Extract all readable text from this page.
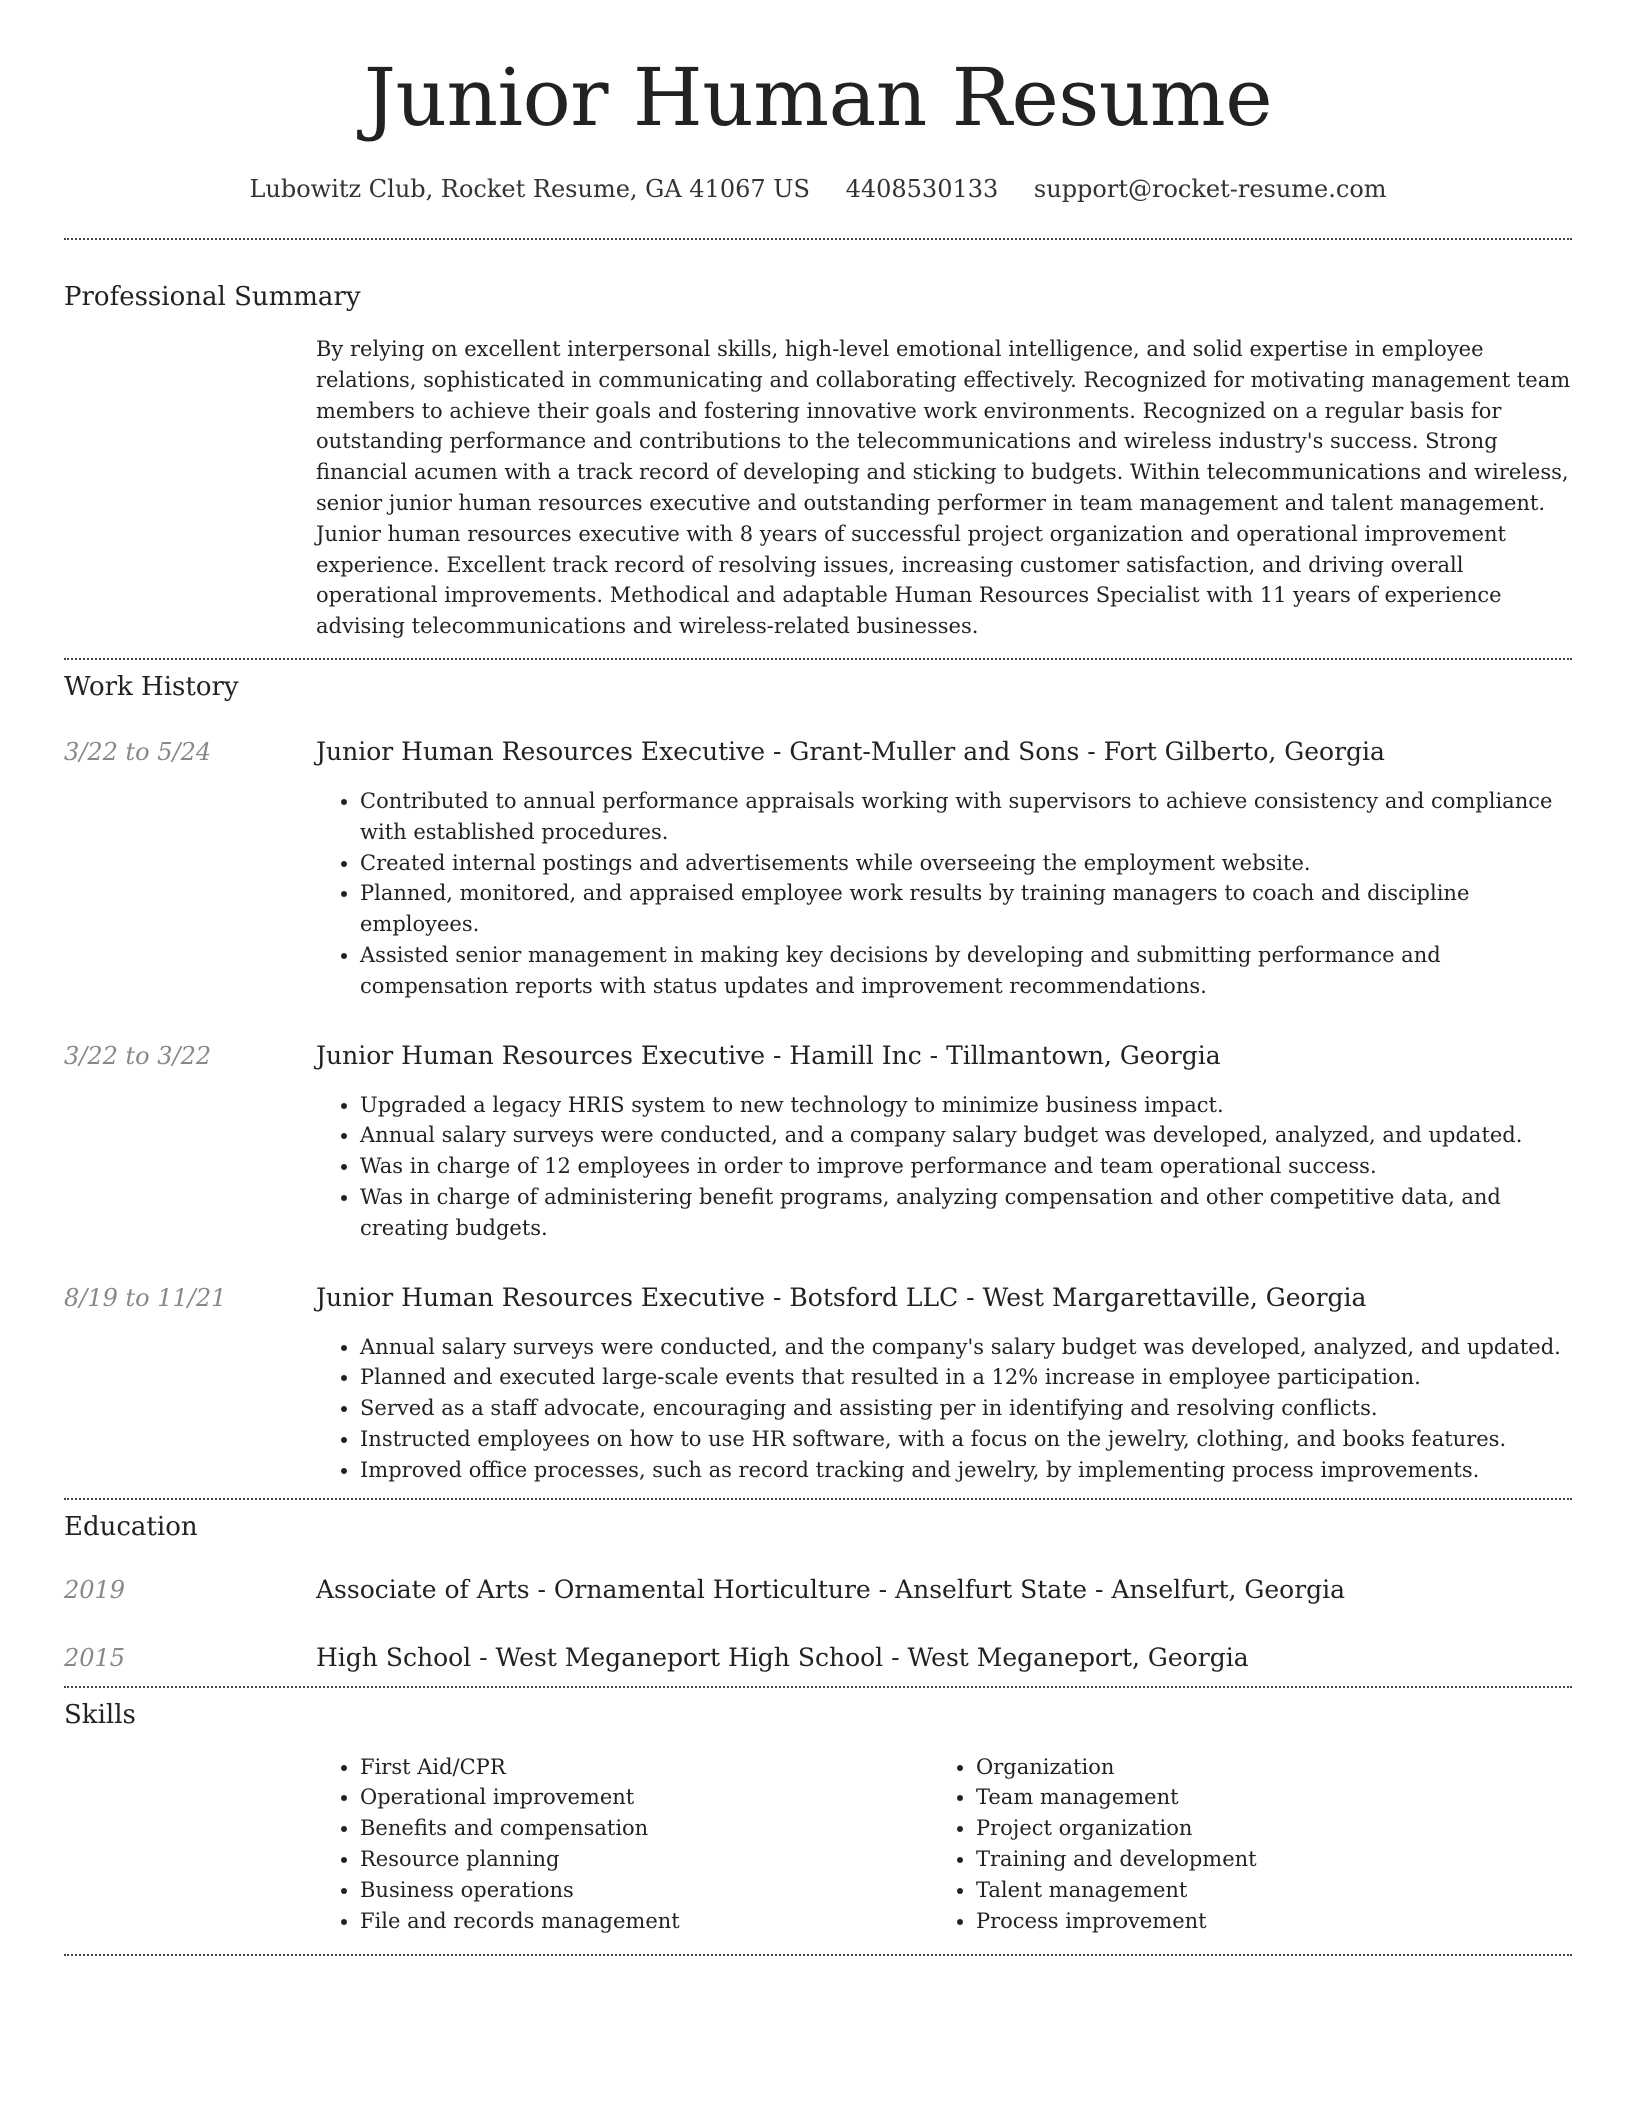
Junior Human Resume
Lubowitz Club, Rocket Resume, GA 41067 US 4408530133 support@rocket-resume.com
Professional Summary

By relying on excellent interpersonal skills, high-level emotional intelligence, and solid expertise in employee relations, sophisticated in communicating and collaborating effectively. Recognized for motivating management team members to achieve their goals and fostering innovative work environments. Recognized on a regular basis for outstanding performance and contributions to the telecommunications and wireless industry's success. Strong financial acumen with a track record of developing and sticking to budgets. Within telecommunications and wireless, senior junior human resources executive and outstanding performer in team management and talent management. Junior human resources executive with 8 years of successful project organization and operational improvement experience. Excellent track record of resolving issues, increasing customer satisfaction, and driving overall operational improvements. Methodical and adaptable Human Resources Specialist with 11 years of experience advising telecommunications and wireless-related businesses.

Work History
3/22 to 5/24	Junior Human Resources Executive - Grant-Muller and Sons - Fort Gilberto, Georgia
• Contributed to annual performance appraisals working with supervisors to achieve consistency and compliance with established procedures.
• Created internal postings and advertisements while overseeing the employment website.
• Planned, monitored, and appraised employee work results by training managers to coach and discipline employees.
• Assisted senior management in making key decisions by developing and submitting performance and compensation reports with status updates and improvement recommendations.
3/22 to 3/22	Junior Human Resources Executive - Hamill Inc - Tillmantown, Georgia
• Upgraded a legacy HRIS system to new technology to minimize business impact.
• Annual salary surveys were conducted, and a company salary budget was developed, analyzed, and updated.
• Was in charge of 12 employees in order to improve performance and team operational success.
• Was in charge of administering benefit programs, analyzing compensation and other competitive data, and creating budgets.
8/19 to 11/21	Junior Human Resources Executive - Botsford LLC - West Margarettaville, Georgia
• Annual salary surveys were conducted, and the company's salary budget was developed, analyzed, and updated.
• Planned and executed large-scale events that resulted in a 12% increase in employee participation.
• Served as a staff advocate, encouraging and assisting per in identifying and resolving conflicts.
• Instructed employees on how to use HR software, with a focus on the jewelry, clothing, and books features.
• Improved office processes, such as record tracking and jewelry, by implementing process improvements.
Education
2019	Associate of Arts - Ornamental Horticulture - Anselfurt State - Anselfurt, Georgia
2015	High School - West Meganeport High School - West Meganeport, Georgia
Skills
• First Aid/CPR
• Operational improvement
• Benefits and compensation
• Resource planning
• Business operations
• File and records management
• Organization
• Team management
• Project organization
• Training and development
• Talent management
• Process improvement
